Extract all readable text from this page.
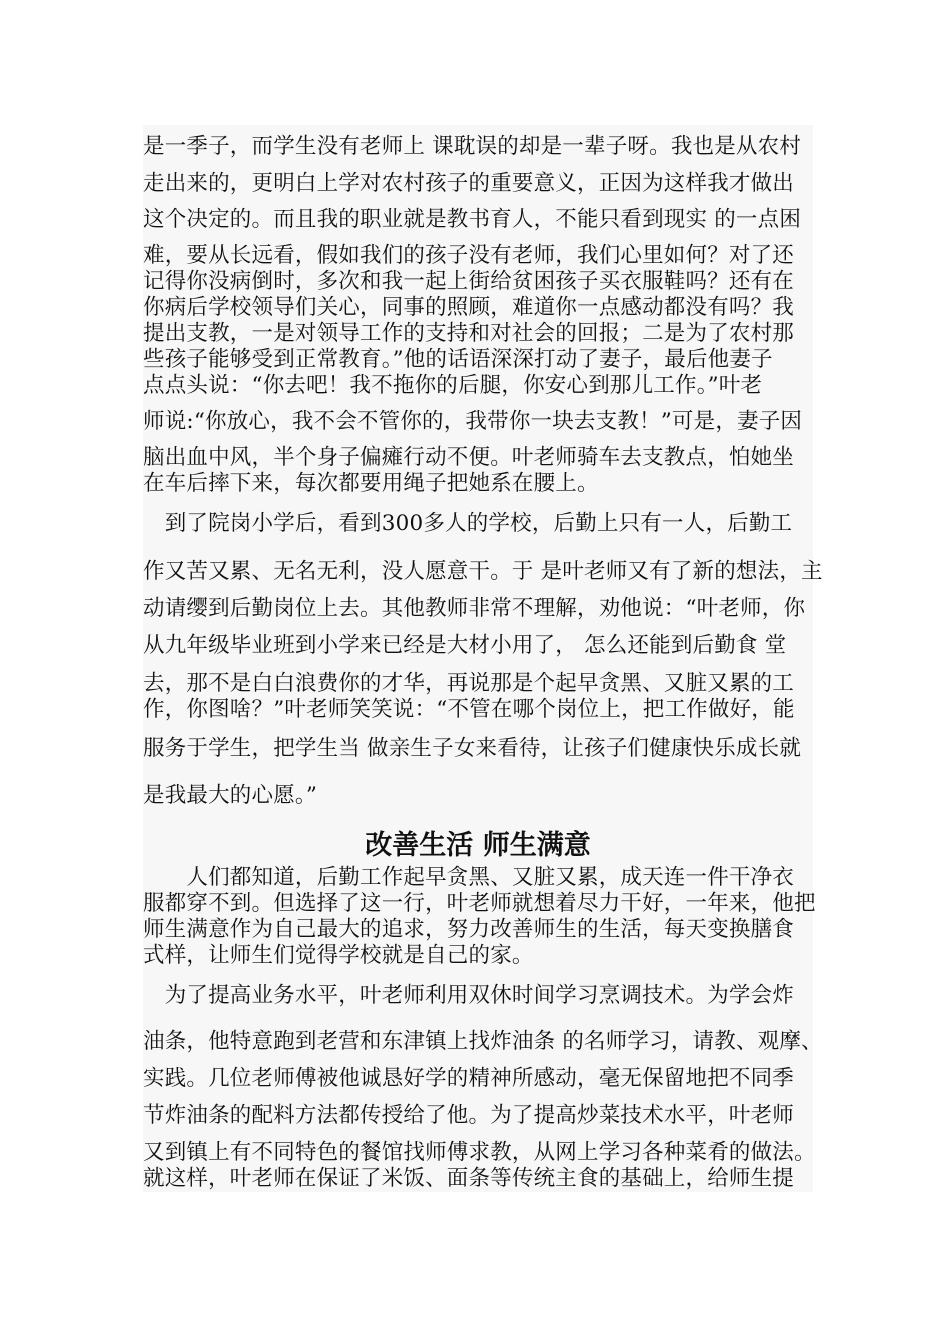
是一季子，而学生没有老师上 课耽误的却是一辈子呀。我也是从农村
走出来的，更明白上学对农村孩子的重要意义，正因为这样我才做出
这个决定的。而且我的职业就是教书育人，不能只看到现实 的一点困
难，要从长远看，假如我们的孩子没有老师，我们心里如何？对了还
记得你没病倒时，多次和我一起上街给贫困孩子买衣服鞋吗？还有在
你病后学校领导们关心，同事的照顾，难道你一点感动都没有吗？我
提出支教，一是对领导工作的支持和对社会的回报；二是为了农村那
些孩子能够受到正常教育。”他的话语深深打动了妻子，最后他妻子
点点头说：“你去吧！我不拖你的后腿，你安心到那儿工作。”叶老
师说:“你放心，我不会不管你的，我带你一块去支教！”可是，妻子因
脑出血中风，半个身子偏瘫行动不便。叶老师骑车去支教点，怕她坐
在车后摔下来，每次都要用绳子把她系在腰上。
　到了院岗小学后，看到300多人的学校，后勤上只有一人，后勤工
作又苦又累、无名无利，没人愿意干。于 是叶老师又有了新的想法，主
动请缨到后勤岗位上去。其他教师非常不理解，劝他说：“叶老师，你
从九年级毕业班到小学来已经是大材小用了， 怎么还能到后勤食 堂
去，那不是白白浪费你的才华，再说那是个起早贪黑、又脏又累的工
作，你图啥？”叶老师笑笑说：“不管在哪个岗位上，把工作做好，能
服务于学生，把学生当 做亲生子女来看待，让孩子们健康快乐成长就
是我最大的心愿。”
改善生活 师生满意
　　人们都知道，后勤工作起早贪黑、又脏又累，成天连一件干净衣
服都穿不到。但选择了这一行，叶老师就想着尽力干好，一年来，他把
师生满意作为自己最大的追求，努力改善师生的生活，每天变换膳食
式样，让师生们觉得学校就是自己的家。
　为了提高业务水平，叶老师利用双休时间学习烹调技术。为学会炸
油条，他特意跑到老营和东津镇上找炸油条 的名师学习，请教、观摩、
实践。几位老师傅被他诚恳好学的精神所感动，毫无保留地把不同季
节炸油条的配料方法都传授给了他。为了提高炒菜技术水平，叶老师
又到镇上有不同特色的餐馆找师傅求教，从网上学习各种菜肴的做法。
就这样，叶老师在保证了米饭、面条等传统主食的基础上，给师生提
